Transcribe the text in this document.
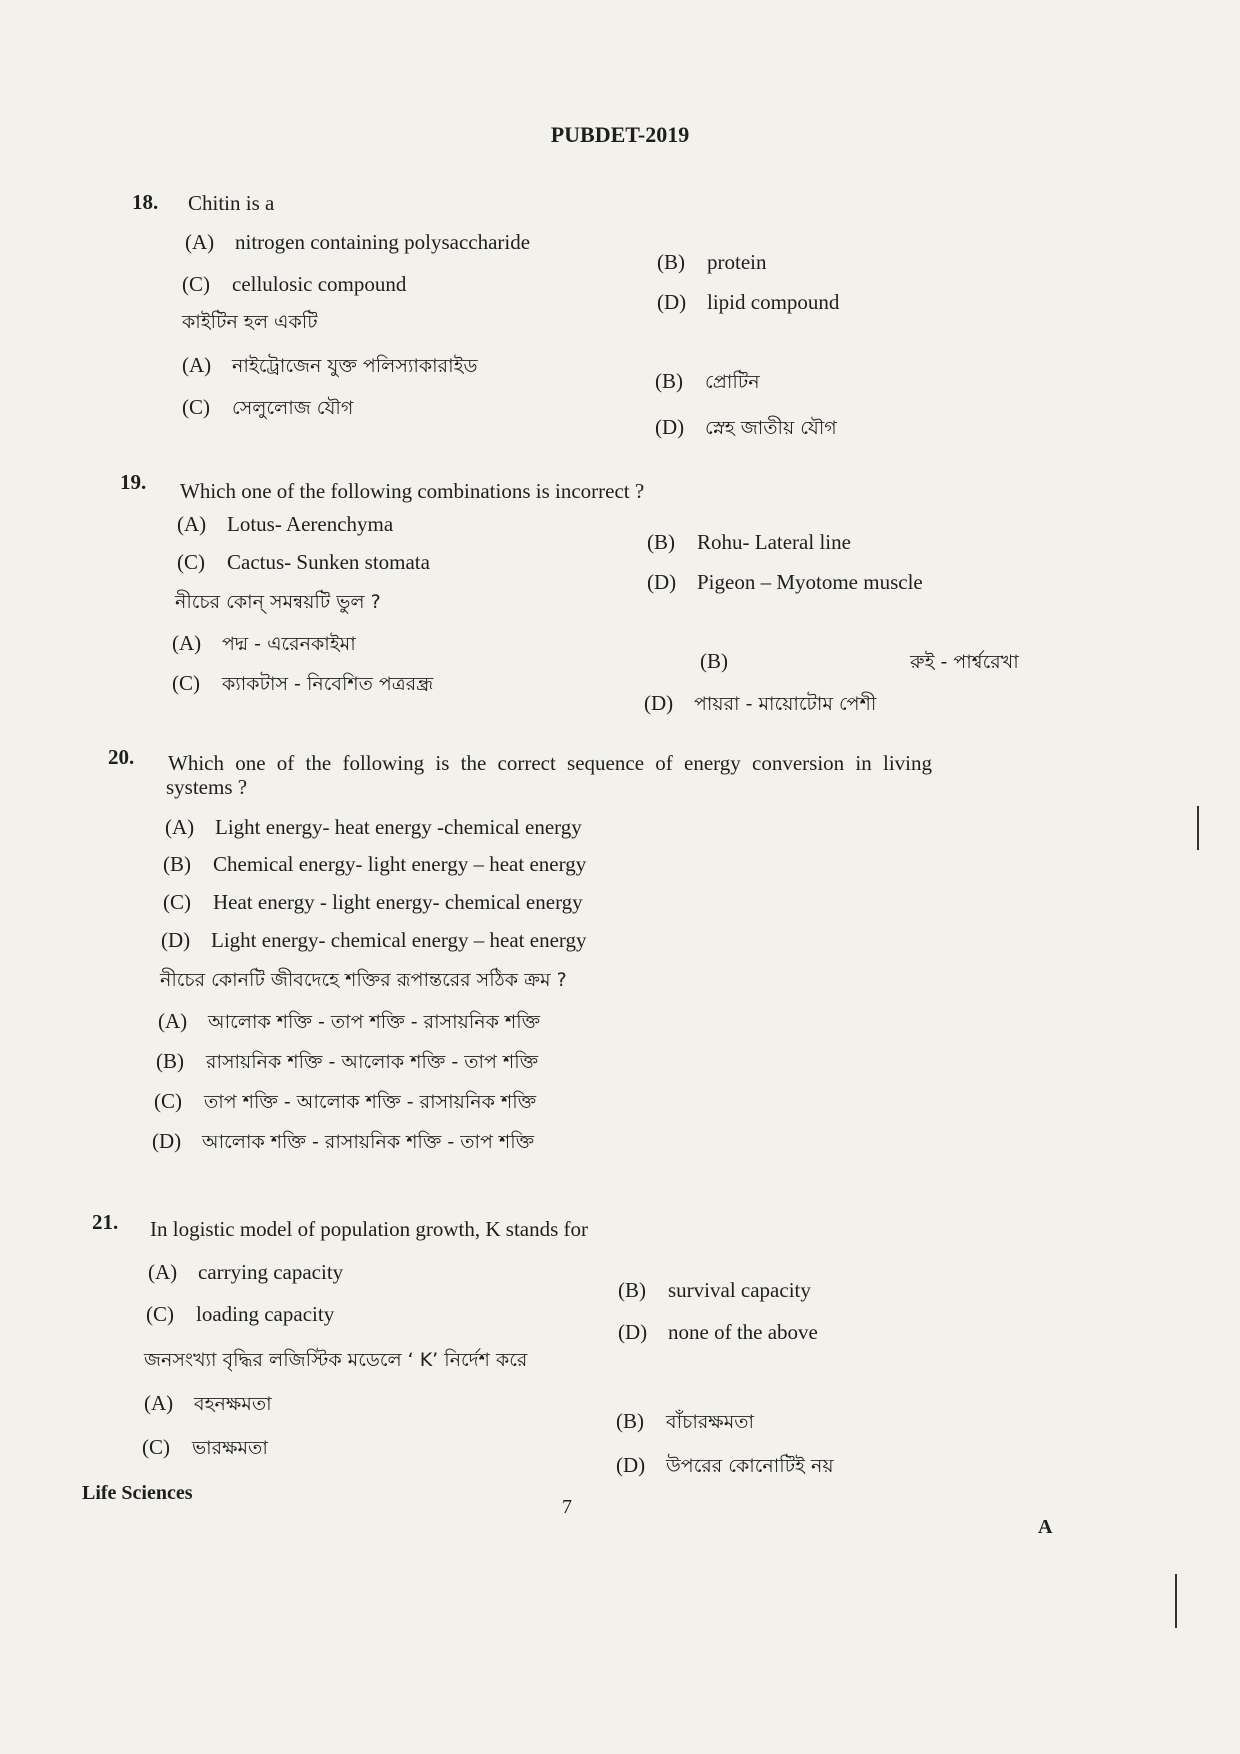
PUBDET-2019
18. Chitin is a
(A) nitrogen containing polysaccharide
(B) protein
(C) cellulosic compound
(D) lipid compound
কাইটিন হল একটি
(A) নাইট্রোজেন যুক্ত পলিস্যাকারাইড
(B) প্রোটিন
(C) সেলুলোজ যৌগ
(D) স্নেহ জাতীয় যৌগ
19. Which one of the following combinations is incorrect ?
(A) Lotus- Aerenchyma
(B) Rohu- Lateral line
(C) Cactus- Sunken stomata
(D) Pigeon – Myotome muscle
নীচের কোন্ সমন্বয়টি ভুল ?
(A) পদ্ম - এরেনকাইমা
(B)	রুই - পার্শ্বরেখা
(C) ক্যাকটাস - নিবেশিত পত্ররন্ধ্র
(D) পায়রা - মায়োটোম পেশী
20. Which one of the following is the correct sequence of energy conversion in living
systems ?
(A) Light energy- heat energy -chemical energy
(B) Chemical energy- light energy – heat energy
(C) Heat energy - light energy- chemical energy
(D) Light energy- chemical energy – heat energy
নীচের কোনটি জীবদেহে শক্তির রূপান্তরের সঠিক ক্রম ?
(A) আলোক শক্তি - তাপ শক্তি - রাসায়নিক শক্তি
(B) রাসায়নিক শক্তি - আলোক শক্তি - তাপ শক্তি
(C) তাপ শক্তি - আলোক শক্তি - রাসায়নিক শক্তি
(D) আলোক শক্তি - রাসায়নিক শক্তি - তাপ শক্তি
21. In logistic model of population growth, K stands for
(A) carrying capacity
(B) survival capacity
(C) loading capacity
(D) none of the above
জনসংখ্যা বৃদ্ধির লজিস্টিক মডেলে ‘ K’ নির্দেশ করে
(A) বহনক্ষমতা
(B) বাঁচারক্ষমতা
(C) ভারক্ষমতা
(D) উপরের কোনোটিই নয়
Life Sciences
7
A
